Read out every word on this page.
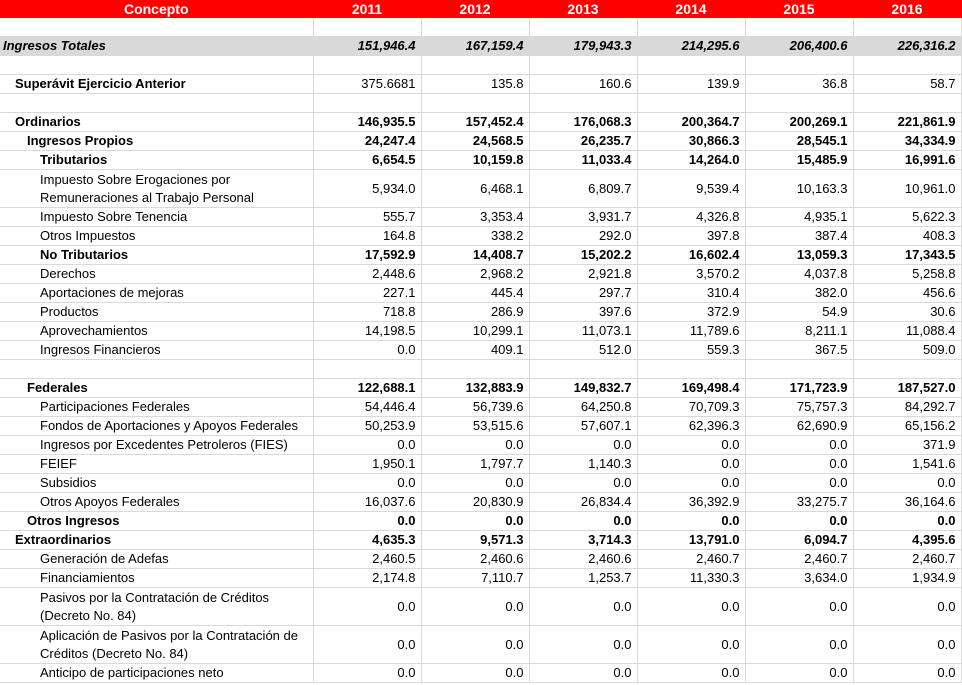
Concepto	2011	2012	2013	2014	2015	2016

Ingresos Totales	151,946.4	167,159.4	179,943.3	214,295.6	206,400.6	226,316.2

Superávit Ejercicio Anterior	375.6681	135.8	160.6	139.9	36.8	58.7

Ordinarios	146,935.5	157,452.4	176,068.3	200,364.7	200,269.1	221,861.9
Ingresos Propios	24,247.4	24,568.5	26,235.7	30,866.3	28,545.1	34,334.9
Tributarios	6,654.5	10,159.8	11,033.4	14,264.0	15,485.9	16,991.6
Impuesto Sobre Erogaciones por Remuneraciones al Trabajo Personal	5,934.0	6,468.1	6,809.7	9,539.4	10,163.3	10,961.0
Impuesto Sobre Tenencia	555.7	3,353.4	3,931.7	4,326.8	4,935.1	5,622.3
Otros Impuestos	164.8	338.2	292.0	397.8	387.4	408.3
No Tributarios	17,592.9	14,408.7	15,202.2	16,602.4	13,059.3	17,343.5
Derechos	2,448.6	2,968.2	2,921.8	3,570.2	4,037.8	5,258.8
Aportaciones de mejoras	227.1	445.4	297.7	310.4	382.0	456.6
Productos	718.8	286.9	397.6	372.9	54.9	30.6
Aprovechamientos	14,198.5	10,299.1	11,073.1	11,789.6	8,211.1	11,088.4
Ingresos Financieros	0.0	409.1	512.0	559.3	367.5	509.0

Federales	122,688.1	132,883.9	149,832.7	169,498.4	171,723.9	187,527.0
Participaciones Federales	54,446.4	56,739.6	64,250.8	70,709.3	75,757.3	84,292.7
Fondos de Aportaciones y Apoyos Federales	50,253.9	53,515.6	57,607.1	62,396.3	62,690.9	65,156.2
Ingresos por Excedentes Petroleros (FIES)	0.0	0.0	0.0	0.0	0.0	371.9
FEIEF	1,950.1	1,797.7	1,140.3	0.0	0.0	1,541.6
Subsidios	0.0	0.0	0.0	0.0	0.0	0.0
Otros Apoyos Federales	16,037.6	20,830.9	26,834.4	36,392.9	33,275.7	36,164.6
Otros Ingresos	0.0	0.0	0.0	0.0	0.0	0.0
Extraordinarios	4,635.3	9,571.3	3,714.3	13,791.0	6,094.7	4,395.6
Generación de Adefas	2,460.5	2,460.6	2,460.6	2,460.7	2,460.7	2,460.7
Financiamientos	2,174.8	7,110.7	1,253.7	11,330.3	3,634.0	1,934.9
Pasivos por la Contratación de Créditos (Decreto No. 84)	0.0	0.0	0.0	0.0	0.0	0.0
Aplicación de Pasivos por la Contratación de Créditos (Decreto No. 84)	0.0	0.0	0.0	0.0	0.0	0.0
Anticipo de participaciones neto	0.0	0.0	0.0	0.0	0.0	0.0
